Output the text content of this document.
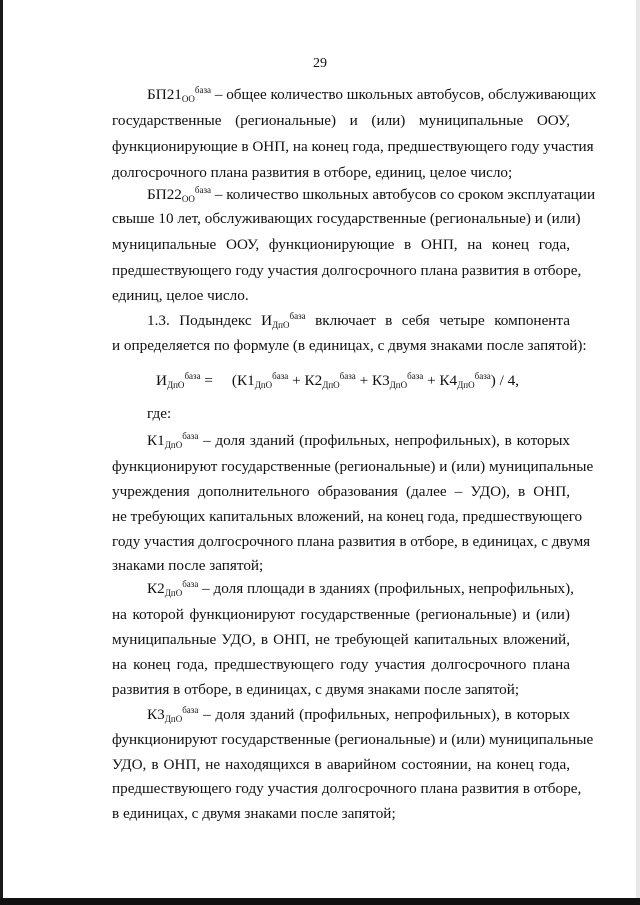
29
$БП21_{ОО}^{база}$ – общее количество школьных автобусов, обслуживающих
государственные (региональные) и (или) муниципальные ООУ,
функционирующие в ОНП, на конец года, предшествующего году участия
долгосрочного плана развития в отборе, единиц, целое число;
$БП22_{ОО}^{база}$ – количество школьных автобусов со сроком эксплуатации
свыше 10 лет, обслуживающих государственные (региональные) и (или)
муниципальные ООУ, функционирующие в ОНП, на конец года,
предшествующего году участия долгосрочного плана развития в отборе,
единиц, целое число.
1.3. Подындекс $И_{ДпО}^{база}$ включает в себя четыре компонента
и определяется по формуле (в единицах, с двумя знаками после запятой):
$И_{ДпО}^{база}$ =     $(К1_{ДпО}^{база} + К2_{ДпО}^{база} + К3_{ДпО}^{база} + К4_{ДпО}^{база}) / 4$,
где:
$К1_{ДпО}^{база}$ – доля зданий (профильных, непрофильных), в которых
функционируют государственные (региональные) и (или) муниципальные
учреждения дополнительного образования (далее – УДО), в ОНП,
не требующих капитальных вложений, на конец года, предшествующего
году участия долгосрочного плана развития в отборе, в единицах, с двумя
знаками после запятой;
$К2_{ДпО}^{база}$ – доля площади в зданиях (профильных, непрофильных),
на которой функционируют государственные (региональные) и (или)
муниципальные УДО, в ОНП, не требующей капитальных вложений,
на конец года, предшествующего году участия долгосрочного плана
развития в отборе, в единицах, с двумя знаками после запятой;
$К3_{ДпО}^{база}$ – доля зданий (профильных, непрофильных), в которых
функционируют государственные (региональные) и (или) муниципальные
УДО, в ОНП, не находящихся в аварийном состоянии, на конец года,
предшествующего году участия долгосрочного плана развития в отборе,
в единицах, с двумя знаками после запятой;
